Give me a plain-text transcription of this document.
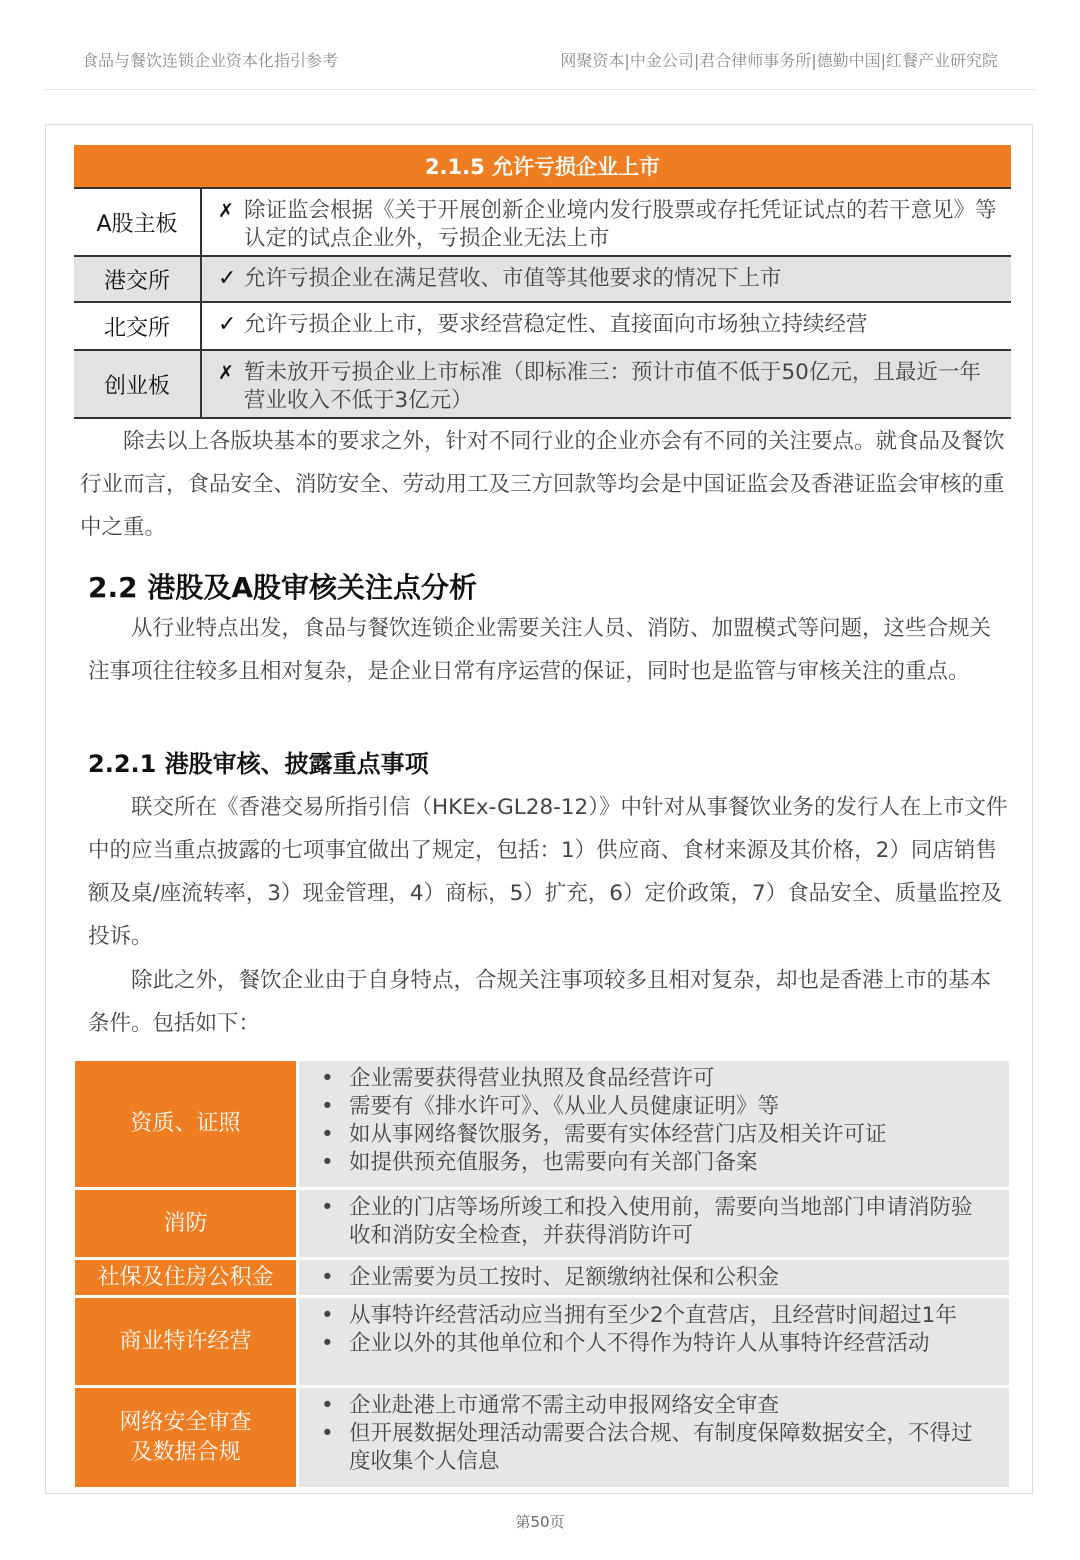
食品与餐饮连锁企业资本化指引参考	网聚资本|中金公司|君合律师事务所|德勤中国|红餐产业研究院
2.1.5 允许亏损企业上市
A股主板
✗ 除证监会根据《关于开展创新企业境内发行股票或存托凭证试点的若干意见》等认定的试点企业外，亏损企业无法上市
港交所	✓ 允许亏损企业在满足营收、市值等其他要求的情况下上市
北交所	✓ 允许亏损企业上市，要求经营稳定性、直接面向市场独立持续经营
创业板
✗ 暂未放开亏损企业上市标准（即标准三：预计市值不低于50亿元，且最近一年营业收入不低于3亿元）

除去以上各版块基本的要求之外，针对不同行业的企业亦会有不同的关注要点。就食品及餐饮行业而言，食品安全、消防安全、劳动用工及三方回款等均会是中国证监会及香港证监会审核的重中之重。

2.2 港股及A股审核关注点分析

从行业特点出发，食品与餐饮连锁企业需要关注人员、消防、加盟模式等问题，这些合规关注事项往往较多且相对复杂，是企业日常有序运营的保证，同时也是监管与审核关注的重点。

2.2.1 港股审核、披露重点事项

联交所在《香港交易所指引信（HKEx-GL28-12）》中针对从事餐饮业务的发行人在上市文件中的应当重点披露的七项事宜做出了规定，包括：1）供应商、食材来源及其价格，2）同店销售额及桌/座流转率，3）现金管理，4）商标，5）扩充，6）定价政策，7）食品安全、质量监控及投诉。

除此之外，餐饮企业由于自身特点，合规关注事项较多且相对复杂，却也是香港上市的基本条件。包括如下：

资质、证照
• 企业需要获得营业执照及食品经营许可
• 需要有《排水许可》、《从业人员健康证明》等
• 如从事网络餐饮服务，需要有实体经营门店及相关许可证
• 如提供预充值服务，也需要向有关部门备案
消防
• 企业的门店等场所竣工和投入使用前，需要向当地部门申请消防验收和消防安全检查，并获得消防许可
社保及住房公积金
•	企业需要为员工按时、足额缴纳社保和公积金
商业特许经营
• 从事特许经营活动应当拥有至少2个直营店，且经营时间超过1年
• 企业以外的其他单位和个人不得作为特许人从事特许经营活动
网络安全审查
及数据合规
• 企业赴港上市通常不需主动申报网络安全审查
• 但开展数据处理活动需要合法合规、有制度保障数据安全，不得过度收集个人信息
第50页
